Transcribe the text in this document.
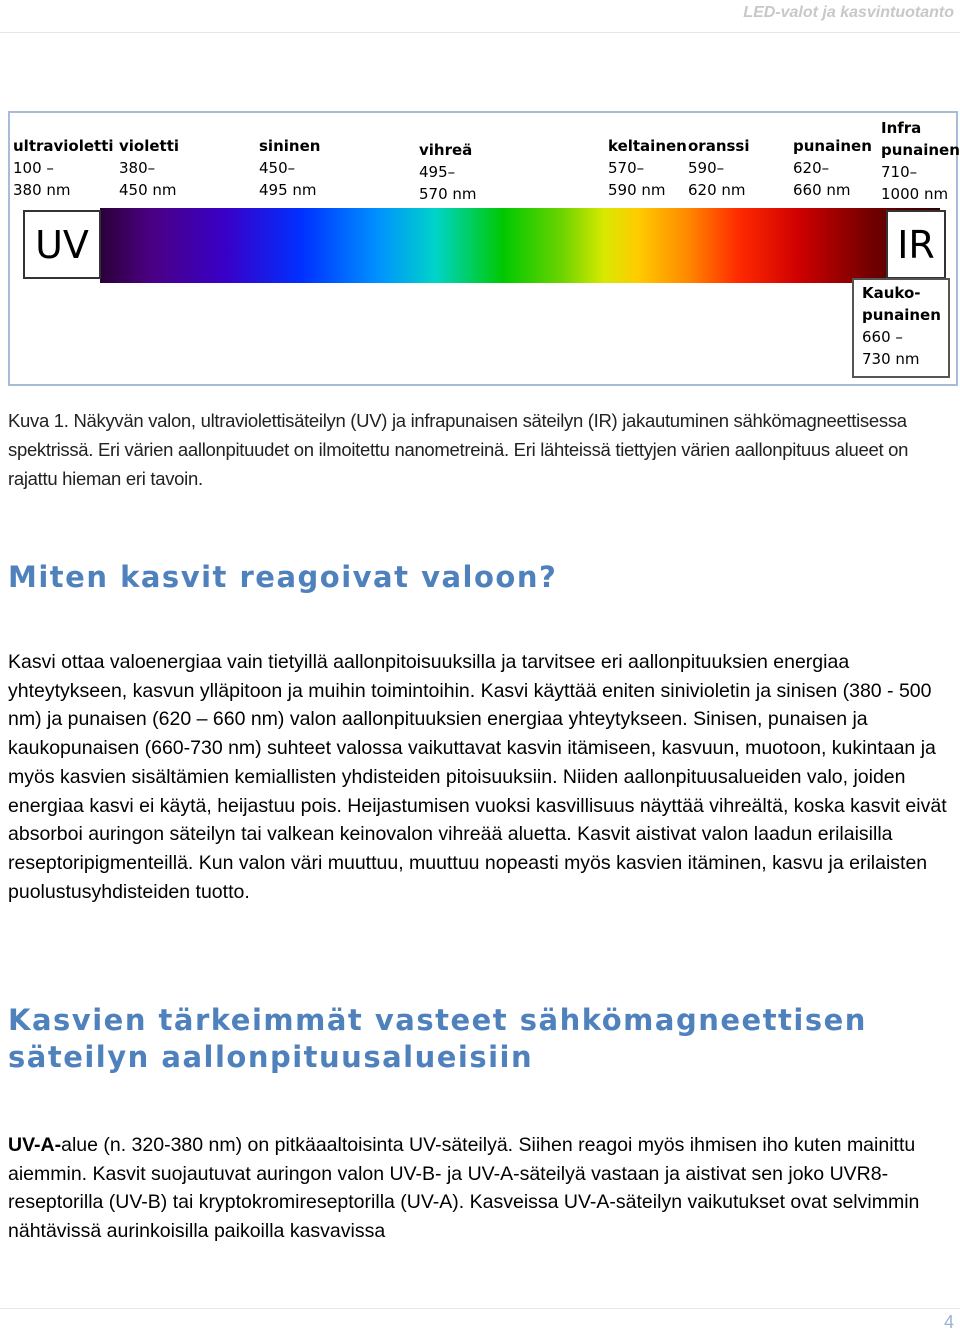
LED-valot ja kasvintuotanto
ultravioletti
100 –
380 nm
violetti
380–
450 nm
sininen
450–
495 nm
vihreä
495–
570 nm
keltainen
570–
590 nm
oranssi
590–
620 nm
punainen
620–
660 nm
Infra
punainen
710–
1000 nm
UV	IR
Kauko-
punainen
660 –
730 nm
Kuva 1. Näkyvän valon, ultraviolettisäteilyn (UV) ja infrapunaisen säteilyn (IR) jakautuminen sähkömagneettisessa spektrissä. Eri värien aallonpituudet on ilmoitettu nanometreinä. Eri lähteissä tiettyjen värien aallonpituus alueet on rajattu hieman eri tavoin.
Miten kasvit reagoivat valoon?
Kasvi ottaa valoenergiaa vain tietyillä aallonpitoisuuksilla ja tarvitsee eri aallonpituuksien energiaa yhteytykseen, kasvun ylläpitoon ja muihin toimintoihin. Kasvi käyttää eniten sinivioletin ja sinisen (380 - 500 nm) ja punaisen (620 – 660 nm) valon aallonpituuksien energiaa yhteytykseen. Sinisen, punaisen ja kaukopunaisen (660-730 nm) suhteet valossa vaikuttavat kasvin itämiseen, kasvuun, muotoon, kukintaan ja myös kasvien sisältämien kemiallisten yhdisteiden pitoisuuksiin. Niiden aallonpituusalueiden valo, joiden energiaa kasvi ei käytä, heijastuu pois. Heijastumisen vuoksi kasvillisuus näyttää vihreältä, koska kasvit eivät absorboi auringon säteilyn tai valkean keinovalon vihreää aluetta. Kasvit aistivat valon laadun erilaisilla reseptoripigmenteillä. Kun valon väri muuttuu, muuttuu nopeasti myös kasvien itäminen, kasvu ja erilaisten puolustusyhdisteiden tuotto.
Kasvien tärkeimmät vasteet sähkömagneettisen säteilyn aallonpituusalueisiin
UV-A-alue (n. 320-380 nm) on pitkäaaltoisinta UV-säteilyä. Siihen reagoi myös ihmisen iho kuten mainittu aiemmin. Kasvit suojautuvat auringon valon UV-B- ja UV-A-säteilyä vastaan ja aistivat sen joko UVR8-reseptorilla (UV-B) tai kryptokromireseptorilla (UV-A). Kasveissa UV-A-säteilyn vaikutukset ovat selvimmin nähtävissä aurinkoisilla paikoilla kasvavissa
4
